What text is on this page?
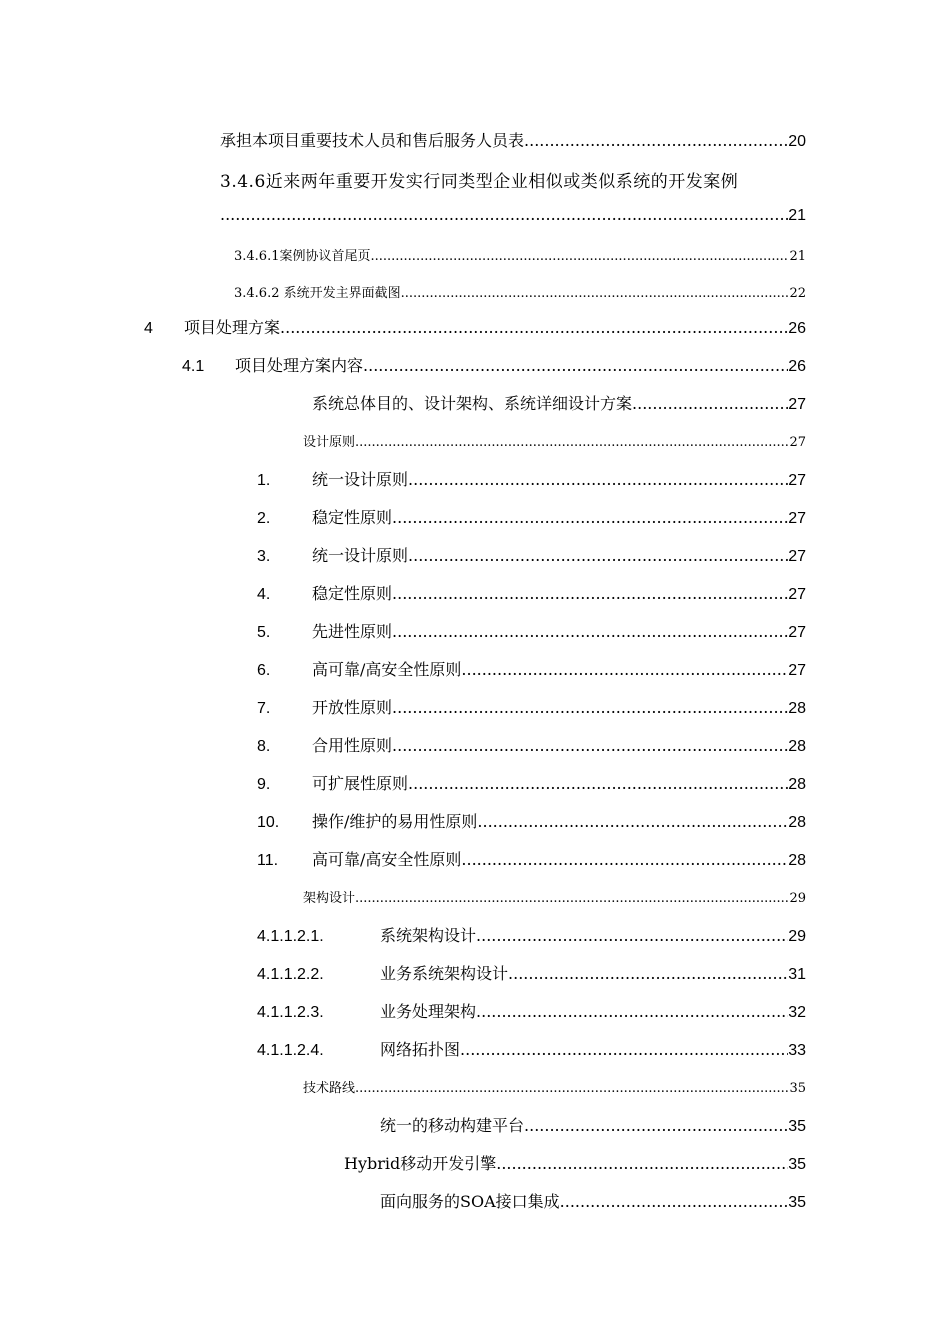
承担本项目重要技术人员和售后服务人员表 .....	20
3.4.6近来两年重要开发实行同类型企业相似或类似系统的开发案例
.....
21
3.4.6.1案例协议首尾页 .....	21
3.4.6.2 系统开发主界面截图 .....	22
4	项目处理方案 .....	26
4.1	项目处理方案内容 .....	26
系统总体目的、设计架构、系统详细设计方案 .....	27
设计原则 .....	27
1.	统一设计原则 .....	27
2.	稳定性原则 .....	27
3.	统一设计原则 .....	27
4.	稳定性原则 .....	27
5.	先进性原则 .....	27
6.	高可靠/高安全性原则 .....	27
7.	开放性原则 .....	28
8.	合用性原则 .....	28
9.	可扩展性原则 .....	28
10.	操作/维护的易用性原则 .....	28
11.	高可靠/高安全性原则 .....	28
架构设计 .....	29
4.1.1.2.1.	系统架构设计 .....	29
4.1.1.2.2.	业务系统架构设计 .....	31
4.1.1.2.3.	业务处理架构 .....	32
4.1.1.2.4.	网络拓扑图 .....	33
技术路线 .....	35
统一的移动构建平台 .....	35
Hybrid移动开发引擎 .....	35
面向服务的SOA接口集成 .....	35
